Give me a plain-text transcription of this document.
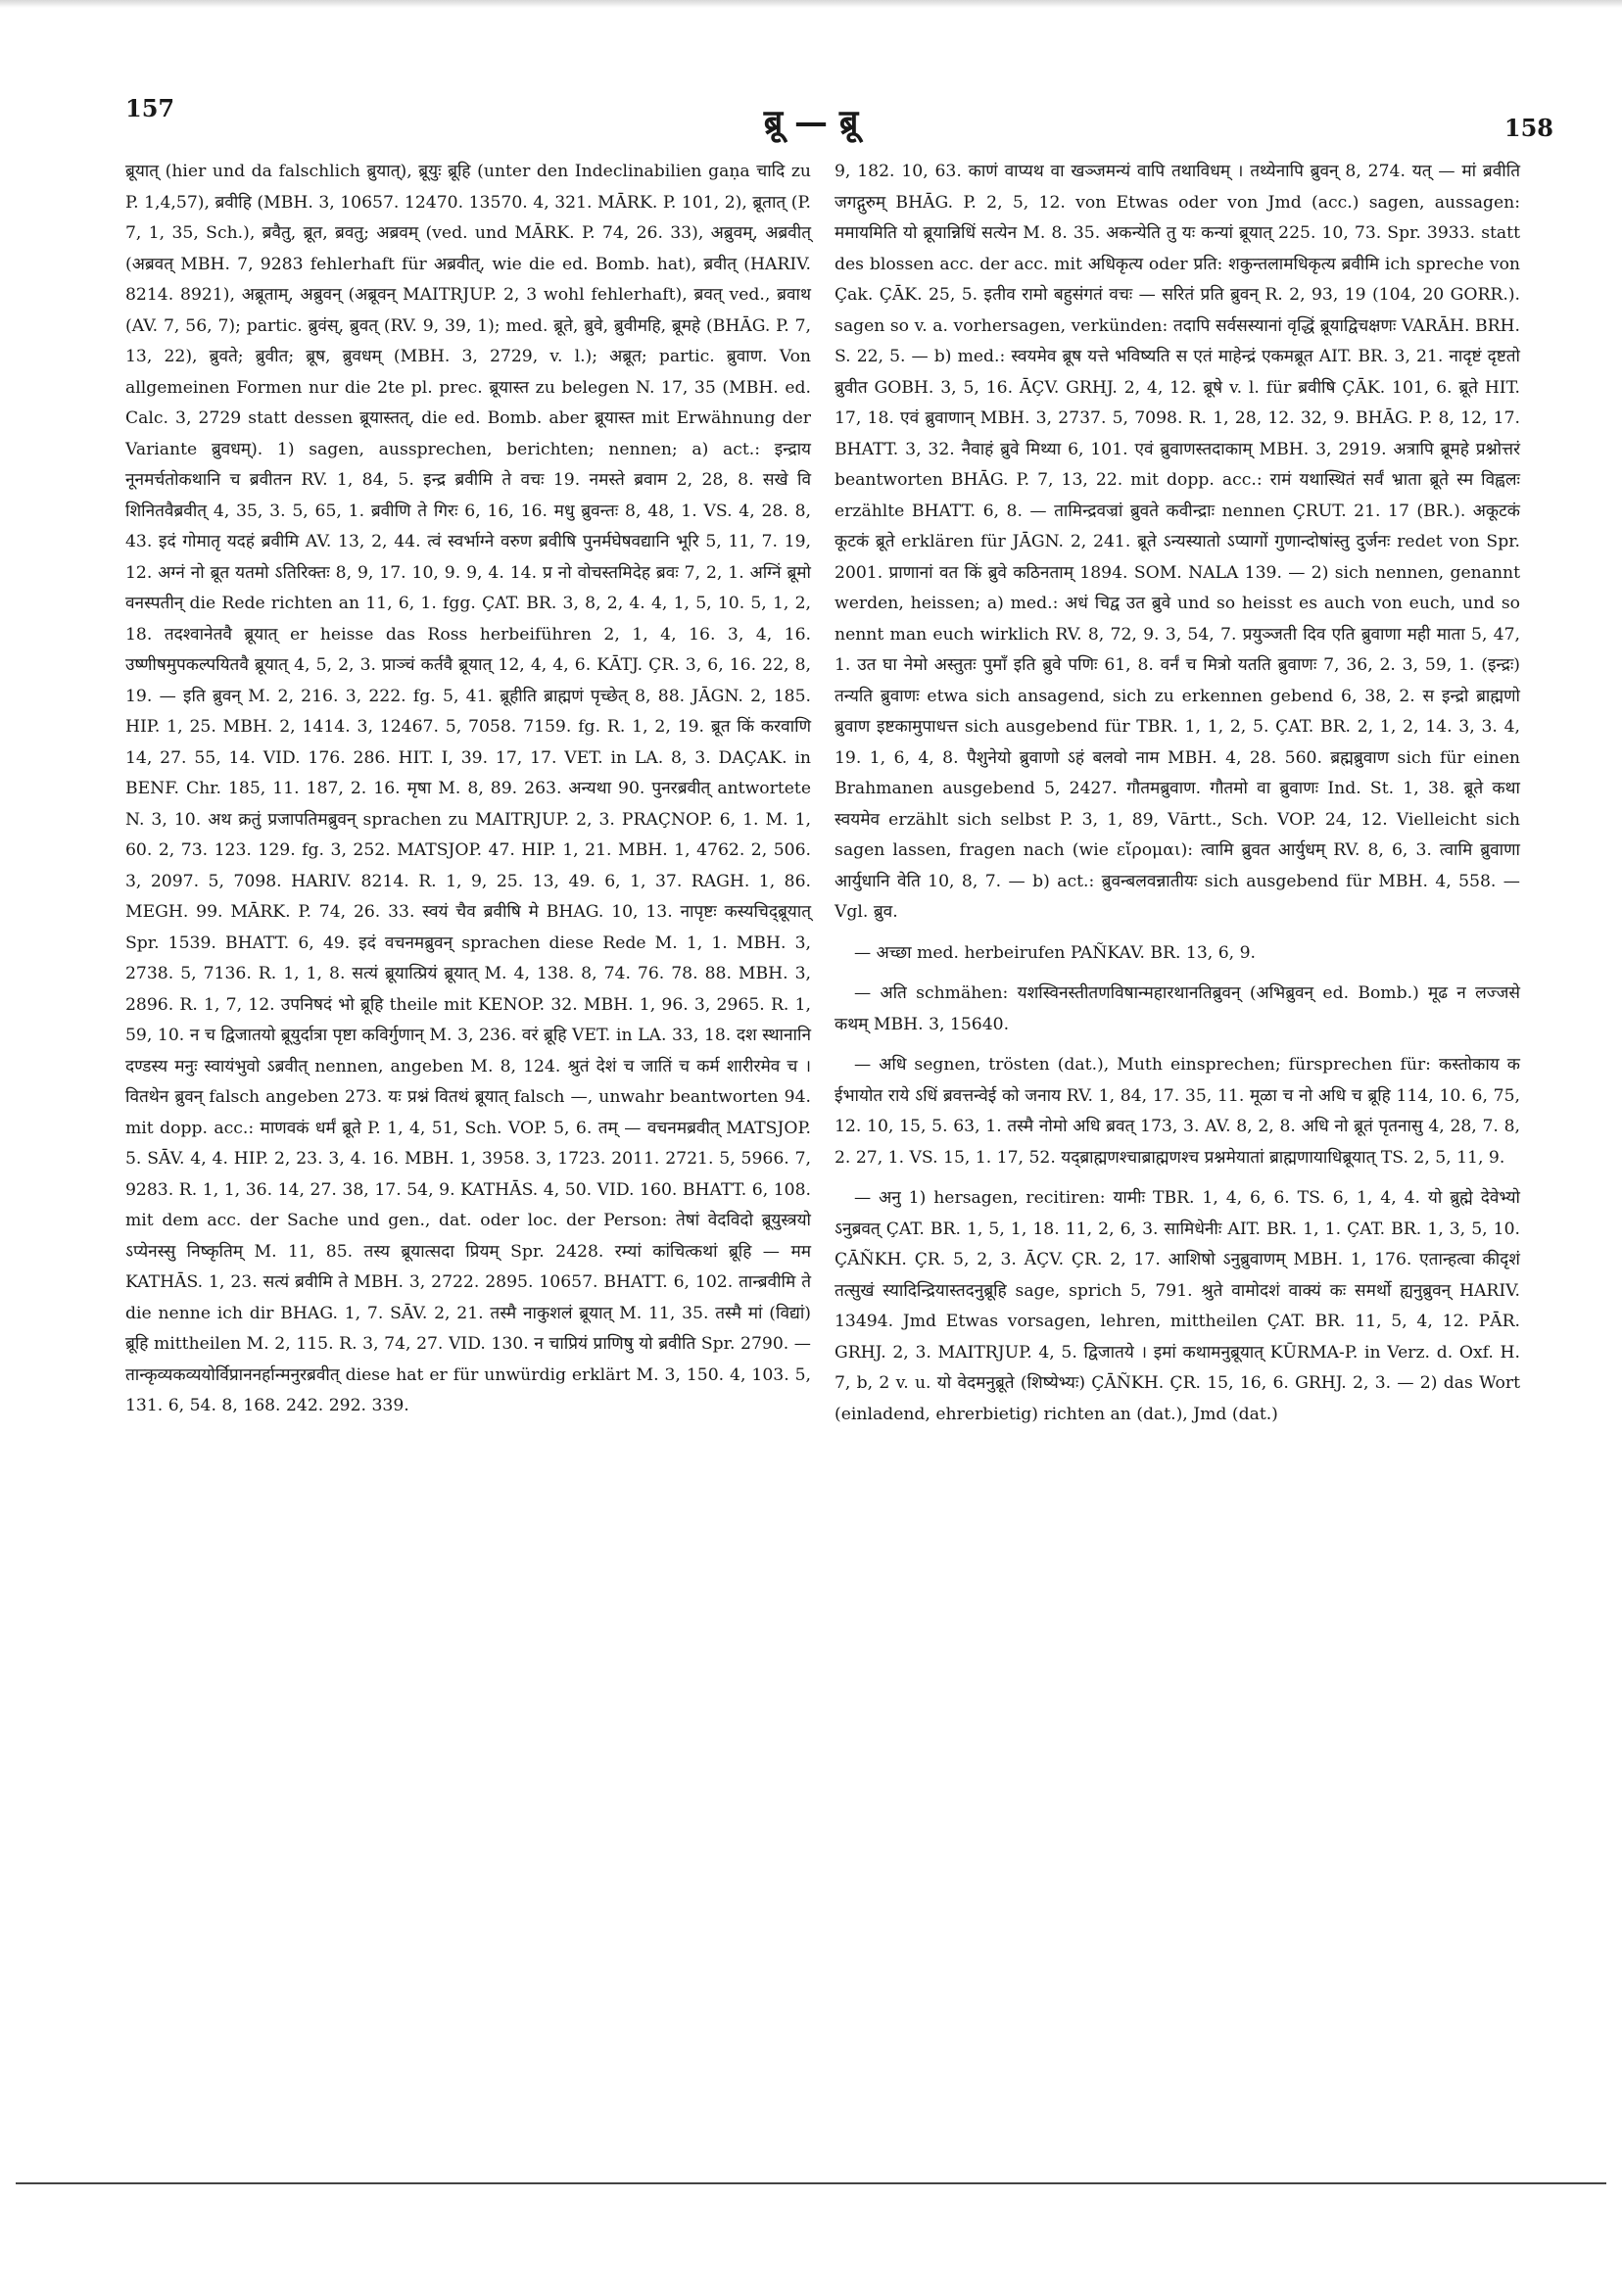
157	ब्रू — ब्रू	158

ब्रूयात् (hier und da falschlich ब्रुयात्), ब्रूयुः ब्रूहि (unter den Indeclinabilien gaṇa चादि zu P. 1,4,57), ब्रवीहि (MBH. 3, 10657. 12470. 13570. 4, 321. MĀRK. P. 101, 2), ब्रूतात् (P. 7, 1, 35, Sch.), ब्रवैतु, ब्रूत, ब्रवतु; अब्रवम् (ved. und MĀRK. P. 74, 26. 33), अब्रुवम्, अब्रवीत् (अब्रवत् MBH. 7, 9283 fehlerhaft für अब्रवीत्, wie die ed. Bomb. hat), ब्रवीत् (HARIV. 8214. 8921), अब्रूताम्, अब्रुवन् (अब्रूवन् MAITRJUP. 2, 3 wohl fehlerhaft), ब्रवत् ved., ब्रवाथ (AV. 7, 56, 7); partic. ब्रुवंस्, ब्रुवत् (RV. 9, 39, 1); med. ब्रूते, ब्रुवे, ब्रुवीमहि, ब्रूमहे (BHĀG. P. 7, 13, 22), ब्रुवते; ब्रुवीत; ब्रूष, ब्रुवधम् (MBH. 3, 2729, v. l.); अब्रूत; partic. ब्रुवाण. Von allgemeinen Formen nur die 2te pl. prec. ब्रूयास्त zu belegen N. 17, 35 (MBH. ed. Calc. 3, 2729 statt dessen ब्रूयास्तत्, die ed. Bomb. aber ब्रूयास्त mit Erwähnung der Variante ब्रुवधम्). 1) sagen, aussprechen, berichten; nennen; a) act.: इन्द्राय नूनमर्चतोकथानि च ब्रवीतन RV. 1, 84, 5. इन्द्र ब्रवीमि ते वचः 19. नमस्ते ब्रवाम 2, 28, 8. सखे वि शिनितवैब्रवीत् 4, 35, 3. 5, 65, 1. ब्रवीणि ते गिरः 6, 16, 16. मधु ब्रुवन्तः 8, 48, 1. VS. 4, 28. 8, 43. इदं गोमातृ यदहं ब्रवीमि AV. 13, 2, 44. त्वं स्वर्भाग्ने वरुण ब्रवीषि पुनर्मघेषवद्यानि भूरि 5, 11, 7. 19, 12. अग्नं नो ब्रूत यतमो ऽतिरिक्तः 8, 9, 17. 10, 9. 9, 4. 14. प्र नो वोचस्तमिदेह ब्रवः 7, 2, 1. अग्निं ब्रूमो वनस्पतीन् die Rede richten an 11, 6, 1. fgg. ÇAT. BR. 3, 8, 2, 4. 4, 1, 5, 10. 5, 1, 2, 18. तदश्वानेतवै ब्रूयात् er heisse das Ross herbeiführen 2, 1, 4, 16. 3, 4, 16. उष्णीषमुपकल्पयितवै ब्रूयात् 4, 5, 2, 3. प्राञ्चं कर्तवै ब्रूयात् 12, 4, 4, 6. KĀTJ. ÇR. 3, 6, 16. 22, 8, 19. — इति ब्रुवन् M. 2, 216. 3, 222. fg. 5, 41. ब्रूहीति ब्राह्मणं पृच्छेत् 8, 88. JĀGN. 2, 185. HIP. 1, 25. MBH. 2, 1414. 3, 12467. 5, 7058. 7159. fg. R. 1, 2, 19. ब्रूत किं करवाणि 14, 27. 55, 14. VID. 176. 286. HIT. I, 39. 17, 17. VET. in LA. 8, 3. DAÇAK. in BENF. Chr. 185, 11. 187, 2. 16. मृषा M. 8, 89. 263. अन्यथा 90. पुनरब्रवीत् antwortete N. 3, 10. अथ क्रतुं प्रजापतिमब्रुवन् sprachen zu MAITRJUP. 2, 3. PRAÇNOP. 6, 1. M. 1, 60. 2, 73. 123. 129. fg. 3, 252. MATSJOP. 47. HIP. 1, 21. MBH. 1, 4762. 2, 506. 3, 2097. 5, 7098. HARIV. 8214. R. 1, 9, 25. 13, 49. 6, 1, 37. RAGH. 1, 86. MEGH. 99. MĀRK. P. 74, 26. 33. स्वयं चैव ब्रवीषि मे BHAG. 10, 13. नापृष्टः कस्यचिद्ब्रूयात् Spr. 1539. BHATT. 6, 49. इदं वचनमब्रुवन् sprachen diese Rede M. 1, 1. MBH. 3, 2738. 5, 7136. R. 1, 1, 8. सत्यं ब्रूयात्प्रियं ब्रूयात् M. 4, 138. 8, 74. 76. 78. 88. MBH. 3, 2896. R. 1, 7, 12. उपनिषदं भो ब्रूहि theile mit KENOP. 32. MBH. 1, 96. 3, 2965. R. 1, 59, 10. न च द्विजातयो ब्रूयुर्दात्रा पृष्टा कविर्गुणान् M. 3, 236. वरं ब्रूहि VET. in LA. 33, 18. दश स्थानानि दण्डस्य मनुः स्वायंभुवो ऽब्रवीत् nennen, angeben M. 8, 124. श्रुतं देशं च जातिं च कर्म शारीरमेव च । वितथेन ब्रुवन् falsch angeben 273. यः प्रश्नं वितथं ब्रूयात् falsch —, unwahr beantworten 94. mit dopp. acc.: माणवकं धर्मं ब्रूते P. 1, 4, 51, Sch. VOP. 5, 6. तम् — वचनमब्रवीत् MATSJOP. 5. SĀV. 4, 4. HIP. 2, 23. 3, 4. 16. MBH. 1, 3958. 3, 1723. 2011. 2721. 5, 5966. 7, 9283. R. 1, 1, 36. 14, 27. 38, 17. 54, 9. KATHĀS. 4, 50. VID. 160. BHATT. 6, 108. mit dem acc. der Sache und gen., dat. oder loc. der Person: तेषां वेदविदो ब्रूयुस्त्रयो ऽप्येनस्सु निष्कृतिम् M. 11, 85. तस्य ब्रूयात्सदा प्रियम् Spr. 2428. रम्यां कांचित्कथां ब्रूहि — मम KATHĀS. 1, 23. सत्यं ब्रवीमि ते MBH. 3, 2722. 2895. 10657. BHATT. 6, 102. तान्ब्रवीमि ते die nenne ich dir BHAG. 1, 7. SĀV. 2, 21. तस्मै नाकुशलं ब्रूयात् M. 11, 35. तस्मै मां (विद्यां) ब्रूहि mittheilen M. 2, 115. R. 3, 74, 27. VID. 130. न चाप्रियं प्राणिषु यो ब्रवीति Spr. 2790. — तान्कृव्यकव्ययोर्विप्राननर्हान्मनुरब्रवीत् diese hat er für unwürdig erklärt M. 3, 150. 4, 103. 5, 131. 6, 54. 8, 168. 242. 292. 339.

9, 182. 10, 63. काणं वाप्यथ वा खञ्जमन्यं वापि तथाविधम् । तथ्येनापि ब्रुवन् 8, 274. यत् — मां ब्रवीति जगद्गुरुम् BHĀG. P. 2, 5, 12. von Etwas oder von Jmd (acc.) sagen, aussagen: ममायमिति यो ब्रूयान्निधिं सत्येन M. 8. 35. अकन्येति तु यः कन्यां ब्रूयात् 225. 10, 73. Spr. 3933. statt des blossen acc. der acc. mit अधिकृत्य oder प्रति: शकुन्तलामधिकृत्य ब्रवीमि ich spreche von Çak. ÇĀK. 25, 5. इतीव रामो बहुसंगतं वचः — सरितं प्रति ब्रुवन् R. 2, 93, 19 (104, 20 GORR.). sagen so v. a. vorhersagen, verkünden: तदापि सर्वसस्यानां वृद्धिं ब्रूयाद्विचक्षणः VARĀH. BRH. S. 22, 5. — b) med.: स्वयमेव ब्रूष यत्ते भविष्यति स एतं माहेन्द्रं एकमब्रूत AIT. BR. 3, 21. नादृष्टं दृष्टतो ब्रुवीत GOBH. 3, 5, 16. ĀÇV. GRHJ. 2, 4, 12. ब्रूषे v. l. für ब्रवीषि ÇĀK. 101, 6. ब्रूते HIT. 17, 18. एवं ब्रुवाणान् MBH. 3, 2737. 5, 7098. R. 1, 28, 12. 32, 9. BHĀG. P. 8, 12, 17. BHATT. 3, 32. नैवाहं ब्रुवे मिथ्या 6, 101. एवं ब्रुवाणस्तदाकाम् MBH. 3, 2919. अत्रापि ब्रूमहे प्रश्नोत्तरं beantworten BHĀG. P. 7, 13, 22. mit dopp. acc.: रामं यथास्थितं सर्वं भ्राता ब्रूते स्म विह्वलः erzählte BHATT. 6, 8. — तामिन्द्रवज्रां ब्रुवते कवीन्द्राः nennen ÇRUT. 21. 17 (BR.). अकूटकं कूटकं ब्रूते erklären für JĀGN. 2, 241. ब्रूते ऽन्यस्यातो ऽप्यागों गुणान्दोषांस्तु दुर्जनः redet von Spr. 2001. प्राणानां वत किं ब्रुवे कठिनताम् 1894. SOM. NALA 139. — 2) sich nennen, genannt werden, heissen; a) med.: अधं चिद्व उत ब्रुवे und so heisst es auch von euch, und so nennt man euch wirklich RV. 8, 72, 9. 3, 54, 7. प्रयुञ्जती दिव एति ब्रुवाणा मही माता 5, 47, 1. उत घा नेमो अस्तुतः पुमाँ इति ब्रुवे पणिः 61, 8. वर्नं च मित्रो यतति ब्रुवाणः 7, 36, 2. 3, 59, 1. (इन्द्रः) तन्यति ब्रुवाणः etwa sich ansagend, sich zu erkennen gebend 6, 38, 2. स इन्द्रो ब्राह्मणो ब्रुवाण इष्टकामुपाधत्त sich ausgebend für TBR. 1, 1, 2, 5. ÇAT. BR. 2, 1, 2, 14. 3, 3. 4, 19. 1, 6, 4, 8. पैशुनेयो ब्रुवाणो ऽहं बलवो नाम MBH. 4, 28. 560. ब्रह्मब्रुवाण sich für einen Brahmanen ausgebend 5, 2427. गौतमब्रुवाण. गौतमो वा ब्रुवाणः Ind. St. 1, 38. ब्रूते कथा स्वयमेव erzählt sich selbst P. 3, 1, 89, Vārtt., Sch. VOP. 24, 12. Vielleicht sich sagen lassen, fragen nach (wie εἴρομαι): त्वामि ब्रुवत आर्युधम् RV. 8, 6, 3. त्वामि ब्रुवाणा आर्युधानि वेति 10, 8, 7. — b) act.: ब्रुवन्बलवन्नातीयः sich ausgebend für MBH. 4, 558. — Vgl. ब्रुव.

— अच्छा med. herbeirufen PAÑKAV. BR. 13, 6, 9.

— अति schmähen: यशस्विनस्तीतणविषान्महारथानतिब्रुवन् (अभिब्रुवन् ed. Bomb.) मूढ न लज्जसे कथम् MBH. 3, 15640.

— अधि segnen, trösten (dat.), Muth einsprechen; fürsprechen für: कस्तोकाय क ईभायोत राये ऽधिं ब्रवत्तन्वेई को जनाय RV. 1, 84, 17. 35, 11. मूळा च नो अधि च ब्रूहि 114, 10. 6, 75, 12. 10, 15, 5. 63, 1. तस्मै नोमो अधि ब्रवत् 173, 3. AV. 8, 2, 8. अधि नो ब्रूतं पृतनासु 4, 28, 7. 8, 2. 27, 1. VS. 15, 1. 17, 52. यद्ब्राह्मणश्चाब्राह्मणश्च प्रश्नमेयातां ब्राह्मणायाधिब्रूयात् TS. 2, 5, 11, 9.

— अनु 1) hersagen, recitiren: यामीः TBR. 1, 4, 6, 6. TS. 6, 1, 4, 4. यो ब्रुह्मे देवेभ्यो ऽनुब्रवत् ÇAT. BR. 1, 5, 1, 18. 11, 2, 6, 3. सामिधेनीः AIT. BR. 1, 1. ÇAT. BR. 1, 3, 5, 10. ÇĀÑKH. ÇR. 5, 2, 3. ĀÇV. ÇR. 2, 17. आशिषो ऽनुब्रुवाणम् MBH. 1, 176. एतान्हत्वा कीदृशं तत्सुखं स्यादिन्द्रियास्तदनुब्रूहि sage, sprich 5, 791. श्रुते वामोदशं वाक्यं कः समर्थो ह्यनुब्रुवन् HARIV. 13494. Jmd Etwas vorsagen, lehren, mittheilen ÇAT. BR. 11, 5, 4, 12. PĀR. GRHJ. 2, 3. MAITRJUP. 4, 5. द्विजातये । इमां कथामनुब्रूयात् KŪRMA-P. in Verz. d. Oxf. H. 7, b, 2 v. u. यो वेदमनुब्रूते (शिष्येभ्यः) ÇĀÑKH. ÇR. 15, 16, 6. GRHJ. 2, 3. — 2) das Wort (einladend, ehrerbietig) richten an (dat.), Jmd (dat.)
